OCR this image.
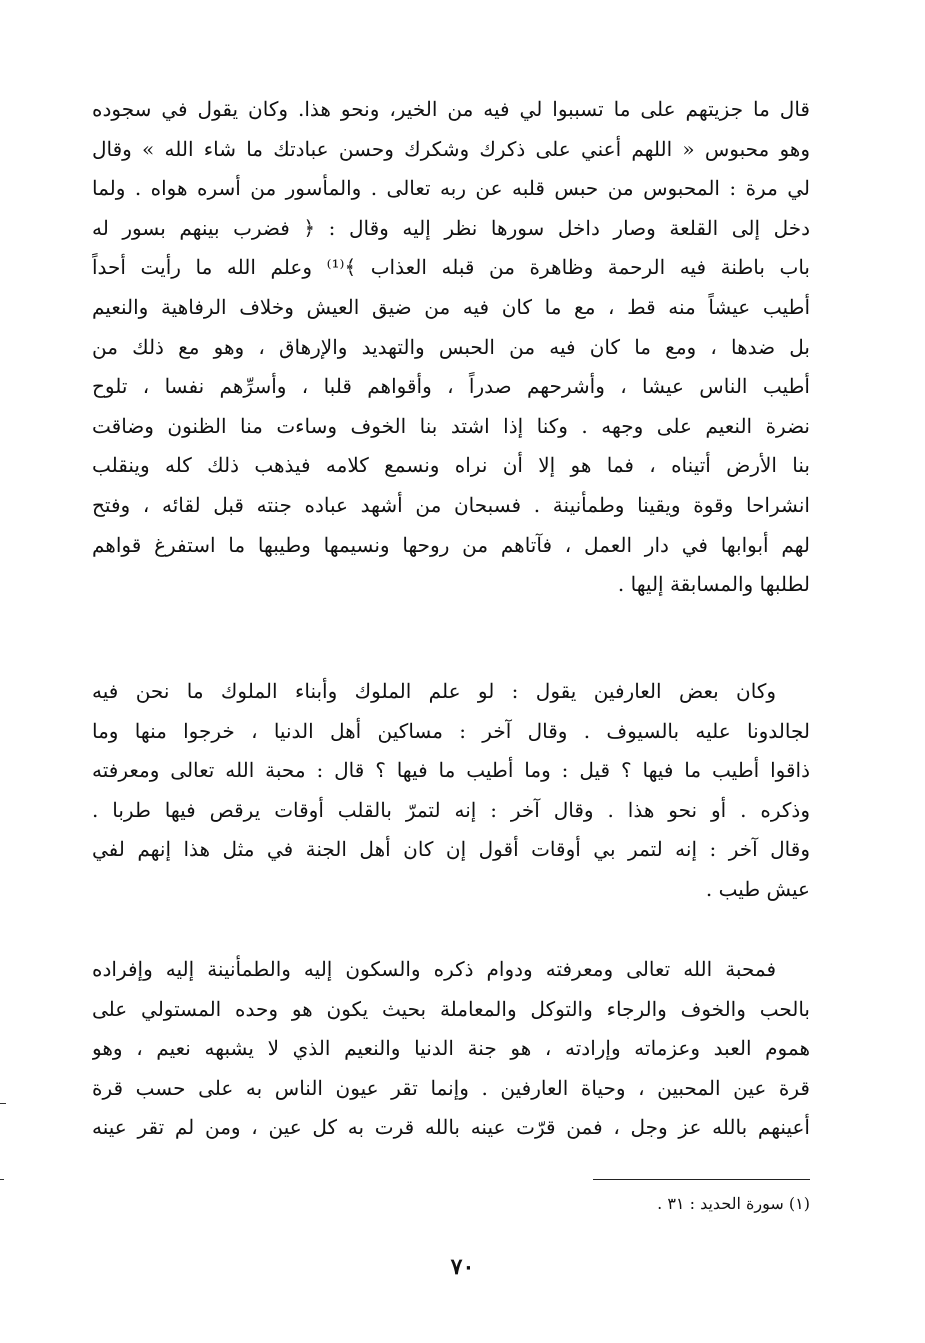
قال ما جزيتهم على ما تسببوا لي فيه من الخير، ونحو هذا. وكان يقول في سجوده
وهو محبوس « اللهم أعني على ذكرك وشكرك وحسن عبادتك ما شاء الله » وقال
لي مرة : المحبوس من حبس قلبه عن ربه تعالى . والمأسور من أسره هواه . ولما
دخل إلى القلعة وصار داخل سورها نظر إليه وقال : ﴿ فضرب بينهم بسور له
باب باطنة فيه الرحمة وظاهرة من قبله العذاب ﴾⁽¹⁾ وعلم الله ما رأيت أحداً
أطيب عيشاً منه قط ، مع ما كان فيه من ضيق العيش وخلاف الرفاهية والنعيم
بل ضدها ، ومع ما كان فيه من الحبس والتهديد والإرهاق ، وهو مع ذلك من
أطيب الناس عيشا ، وأشرحهم صدراً ، وأقواهم قلبا ، وأسرِّهم نفسا ، تلوح
نضرة النعيم على وجهه . وكنا إذا اشتد بنا الخوف وساءت منا الظنون وضاقت
بنا الأرض أتيناه ، فما هو إلا أن نراه ونسمع كلامه فيذهب ذلك كله وينقلب
انشراحا وقوة ويقينا وطمأنينة . فسبحان من أشهد عباده جنته قبل لقائه ، وفتح
لهم أبوابها في دار العمل ، فآتاهم من روحها ونسيمها وطيبها ما استفرغ قواهم
لطلبها والمسابقة إليها .
وكان بعض العارفين يقول : لو علم الملوك وأبناء الملوك ما نحن فيه
لجالدونا عليه بالسيوف . وقال آخر : مساكين أهل الدنيا ، خرجوا منها وما
ذاقوا أطيب ما فيها ؟ قيل : وما أطيب ما فيها ؟ قال : محبة الله تعالى ومعرفته
وذكره . أو نحو هذا . وقال آخر : إنه لتمرّ بالقلب أوقات يرقص فيها طربا .
وقال آخر : إنه لتمر بي أوقات أقول إن كان أهل الجنة في مثل هذا إنهم لفي
عيش طيب .
فمحبة الله تعالى ومعرفته ودوام ذكره والسكون إليه والطمأنينة إليه وإفراده
بالحب والخوف والرجاء والتوكل والمعاملة بحيث يكون هو وحده المستولي على
هموم العبد وعزماته وإرادته ، هو جنة الدنيا والنعيم الذي لا يشبهه نعيم ، وهو
قرة عين المحبين ، وحياة العارفين . وإنما تقر عيون الناس به على حسب قرة
أعينهم بالله عز وجل ، فمن قرّت عينه بالله قرت به كل عين ، ومن لم تقر عينه
(١) سورة الحديد : ٣١ .
٧٠
